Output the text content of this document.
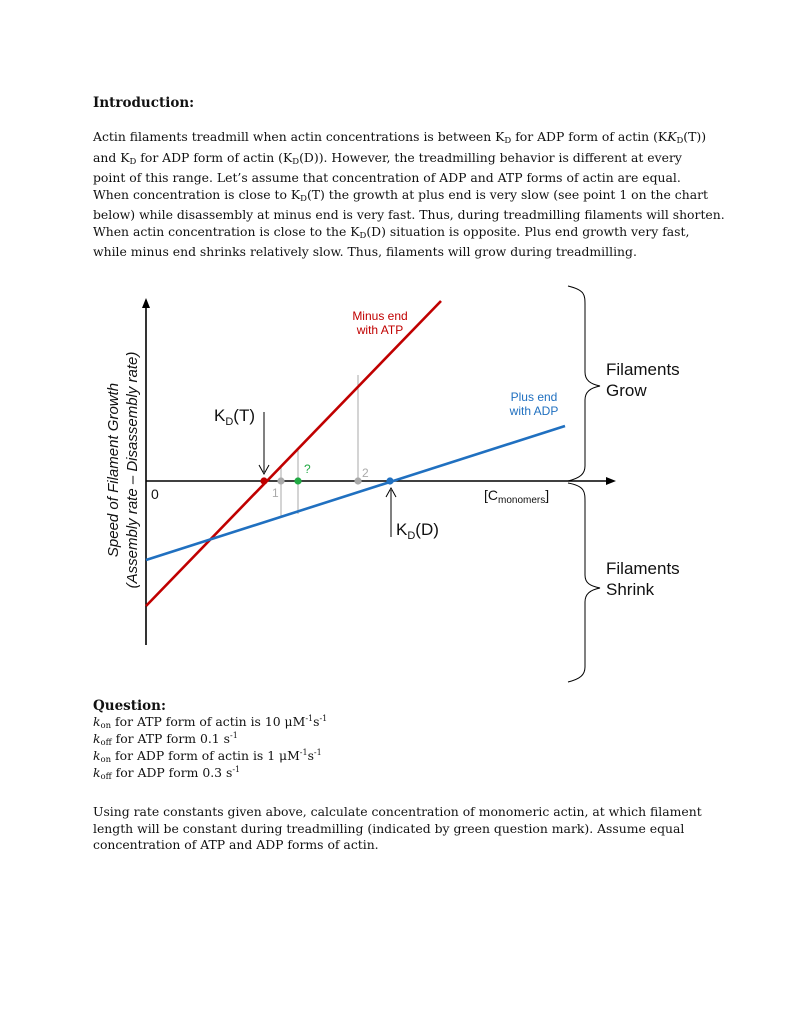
Introduction:
Actin filaments treadmill when actin concentrations is between $K_D$ for ADP form of actin $(KK_D(T))$
and $K_D$ for ADP form of actin $(K_D(D))$. However, the treadmilling behavior is different at every
point of this range. Let’s assume that concentration of ADP and ATP forms of actin are equal.
When concentration is close to $K_D(T)$ the growth at plus end is very slow (see point 1 on the chart
below) while disassembly at minus end is very fast. Thus, during treadmilling filaments will shorten.
When actin concentration is close to the $K_D(D)$ situation is opposite. Plus end growth very fast,
while minus end shrinks relatively slow. Thus, filaments will grow during treadmilling.
$K_D(T)$
$K_D(D)$
1
2
?
0
Minus end
with ATP
Plus end
with ADP
$[C_{monomers}]$
Speed of Filament Growth (Assembly rate – Disassembly rate)	Filaments
Grow
Filaments
Shrink
Question:
$k_{on}$ for ATP form of actin is 10 $\mu M^{-1}s^{-1}$
$k_{off}$ for ATP form 0.1 $s^{-1}$
$k_{on}$ for ADP form of actin is 1 $\mu M^{-1}s^{-1}$
$k_{off}$ for ADP form 0.3 $s^{-1}$
Using rate constants given above, calculate concentration of monomeric actin, at which filament
length will be constant during treadmilling (indicated by green question mark). Assume equal
concentration of ATP and ADP forms of actin.
